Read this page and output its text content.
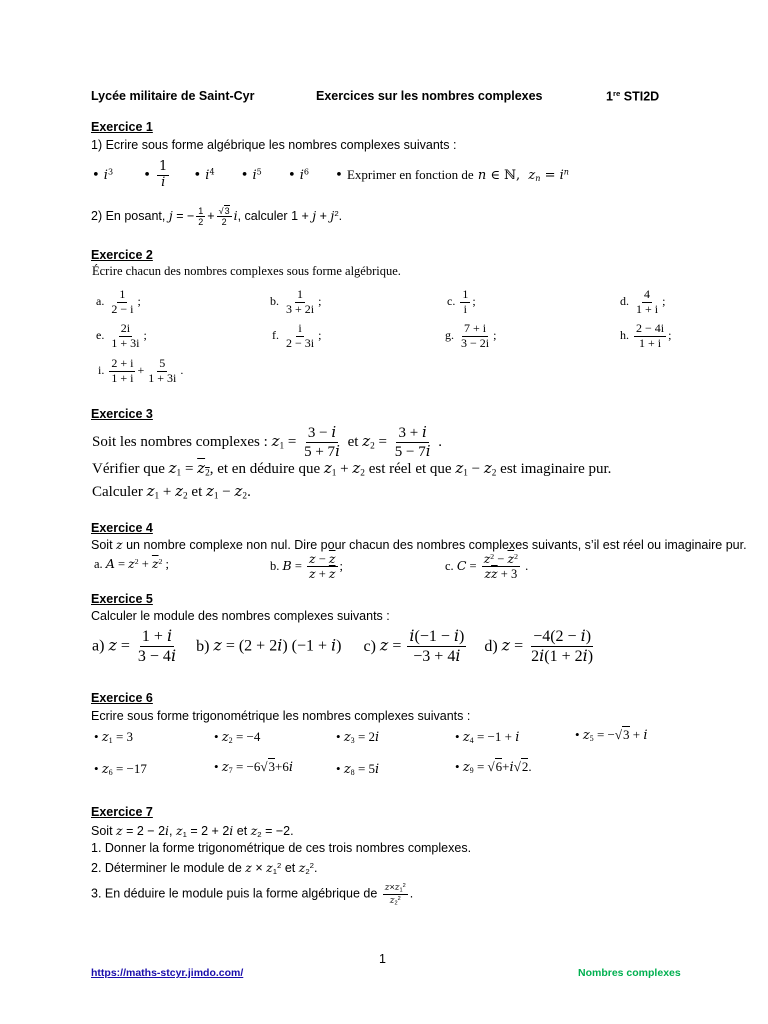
Lycée militaire de Saint-Cyr	Exercices sur les nombres complexes	1re STI2D
Exercice 1
1) Ecrire sous forme algébrique les nombres complexes suivants :
• $i^3$ • $\frac{1}{i}$ • $i^4$ • $i^5$ • $i^6$ • Exprimer en fonction de n ∈ ℕ,  $z_n = i^n$
2) En posant, j = − $\frac{1}{2} + \frac{√3}{2} i$, calculer $1 + j + j^2$.
Exercice 2
Écrire chacun des nombres complexes sous forme algébrique.
a. $\frac{1}{2 - i}$ ;	b. $\frac{1}{3 + 2i}$ ;	c. $\frac{1}{i}$ ;	d. $\frac{4}{1 + i}$ ;
e. $\frac{2i}{1 + 3i}$ ;	f. $\frac{i}{2 - 3i}$ ;	g. $\frac{7 + i}{3 - 2i}$ ;	h. $\frac{2 - 4i}{1 + i}$ ;
i. $\frac{2 + i}{1 + i} + \frac{5}{1 + 3i}$ .
Exercice 3
Soit les nombres complexes : $z_1 = \frac{3 - i}{5 + 7i}$ et $z_2 = \frac{3 + i}{5 - 7i}$ .
Vérifier que $z_1 = z_2$, et en déduire que $z_1 + z_2$ est réel et que $z_1 - z_2$ est imaginaire pur.
Calculer $z_1 + z_2$ et $z_1 - z_2$.
Exercice 4
Soit z un nombre complexe non nul. Dire pour chacun des nombres complexes suivants, s’il est réel ou imaginaire pur.
a. $A = z^2 + \overline{z}^2$ ;	b. $B = \frac{z - \overline{z}}{z + \overline{z}}$ ;	c. $C = \frac{z^2 - \overline{z}^2}{z\overline{z} + 3}$ .
Exercice 5
Calculer le module des nombres complexes suivants :
a) $z = \frac{1 + i}{3 - 4i} b$) z = (2 + 2i) (−1 + i) c) $z = \frac{i(-1 - i)}{-3 + 4i} d$) $z = \frac{-4(2 - i)}{2i(1 + 2i)}$
Exercice 6
Ecrire sous forme trigonométrique les nombres complexes suivants :
• $z_1 = 3$	• $z_2 = -4$	• $z_3 = 2i$	• $z_4 = -1 + i$	• $z_5 = -√3 + i$
• $z_6 = -17$	• $z_7 = -6√3+6i$	• $z_8 = 5i$	• $z_9 = √6+i√2$.
Exercice 7
Soit z = 2 − 2i, $z_1 = 2 + 2i$ et $z_2 = -2$.
1. Donner la forme trigonométrique de ces trois nombres complexes.
2. Déterminer le module de $z \times z_1^2$ et $z_2^2$.
3. En déduire le module puis la forme algébrique de $\frac{z\times z_1^2}{z_2^2}$ .
1
https://maths-stcyr.jimdo.com/	Nombres complexes
